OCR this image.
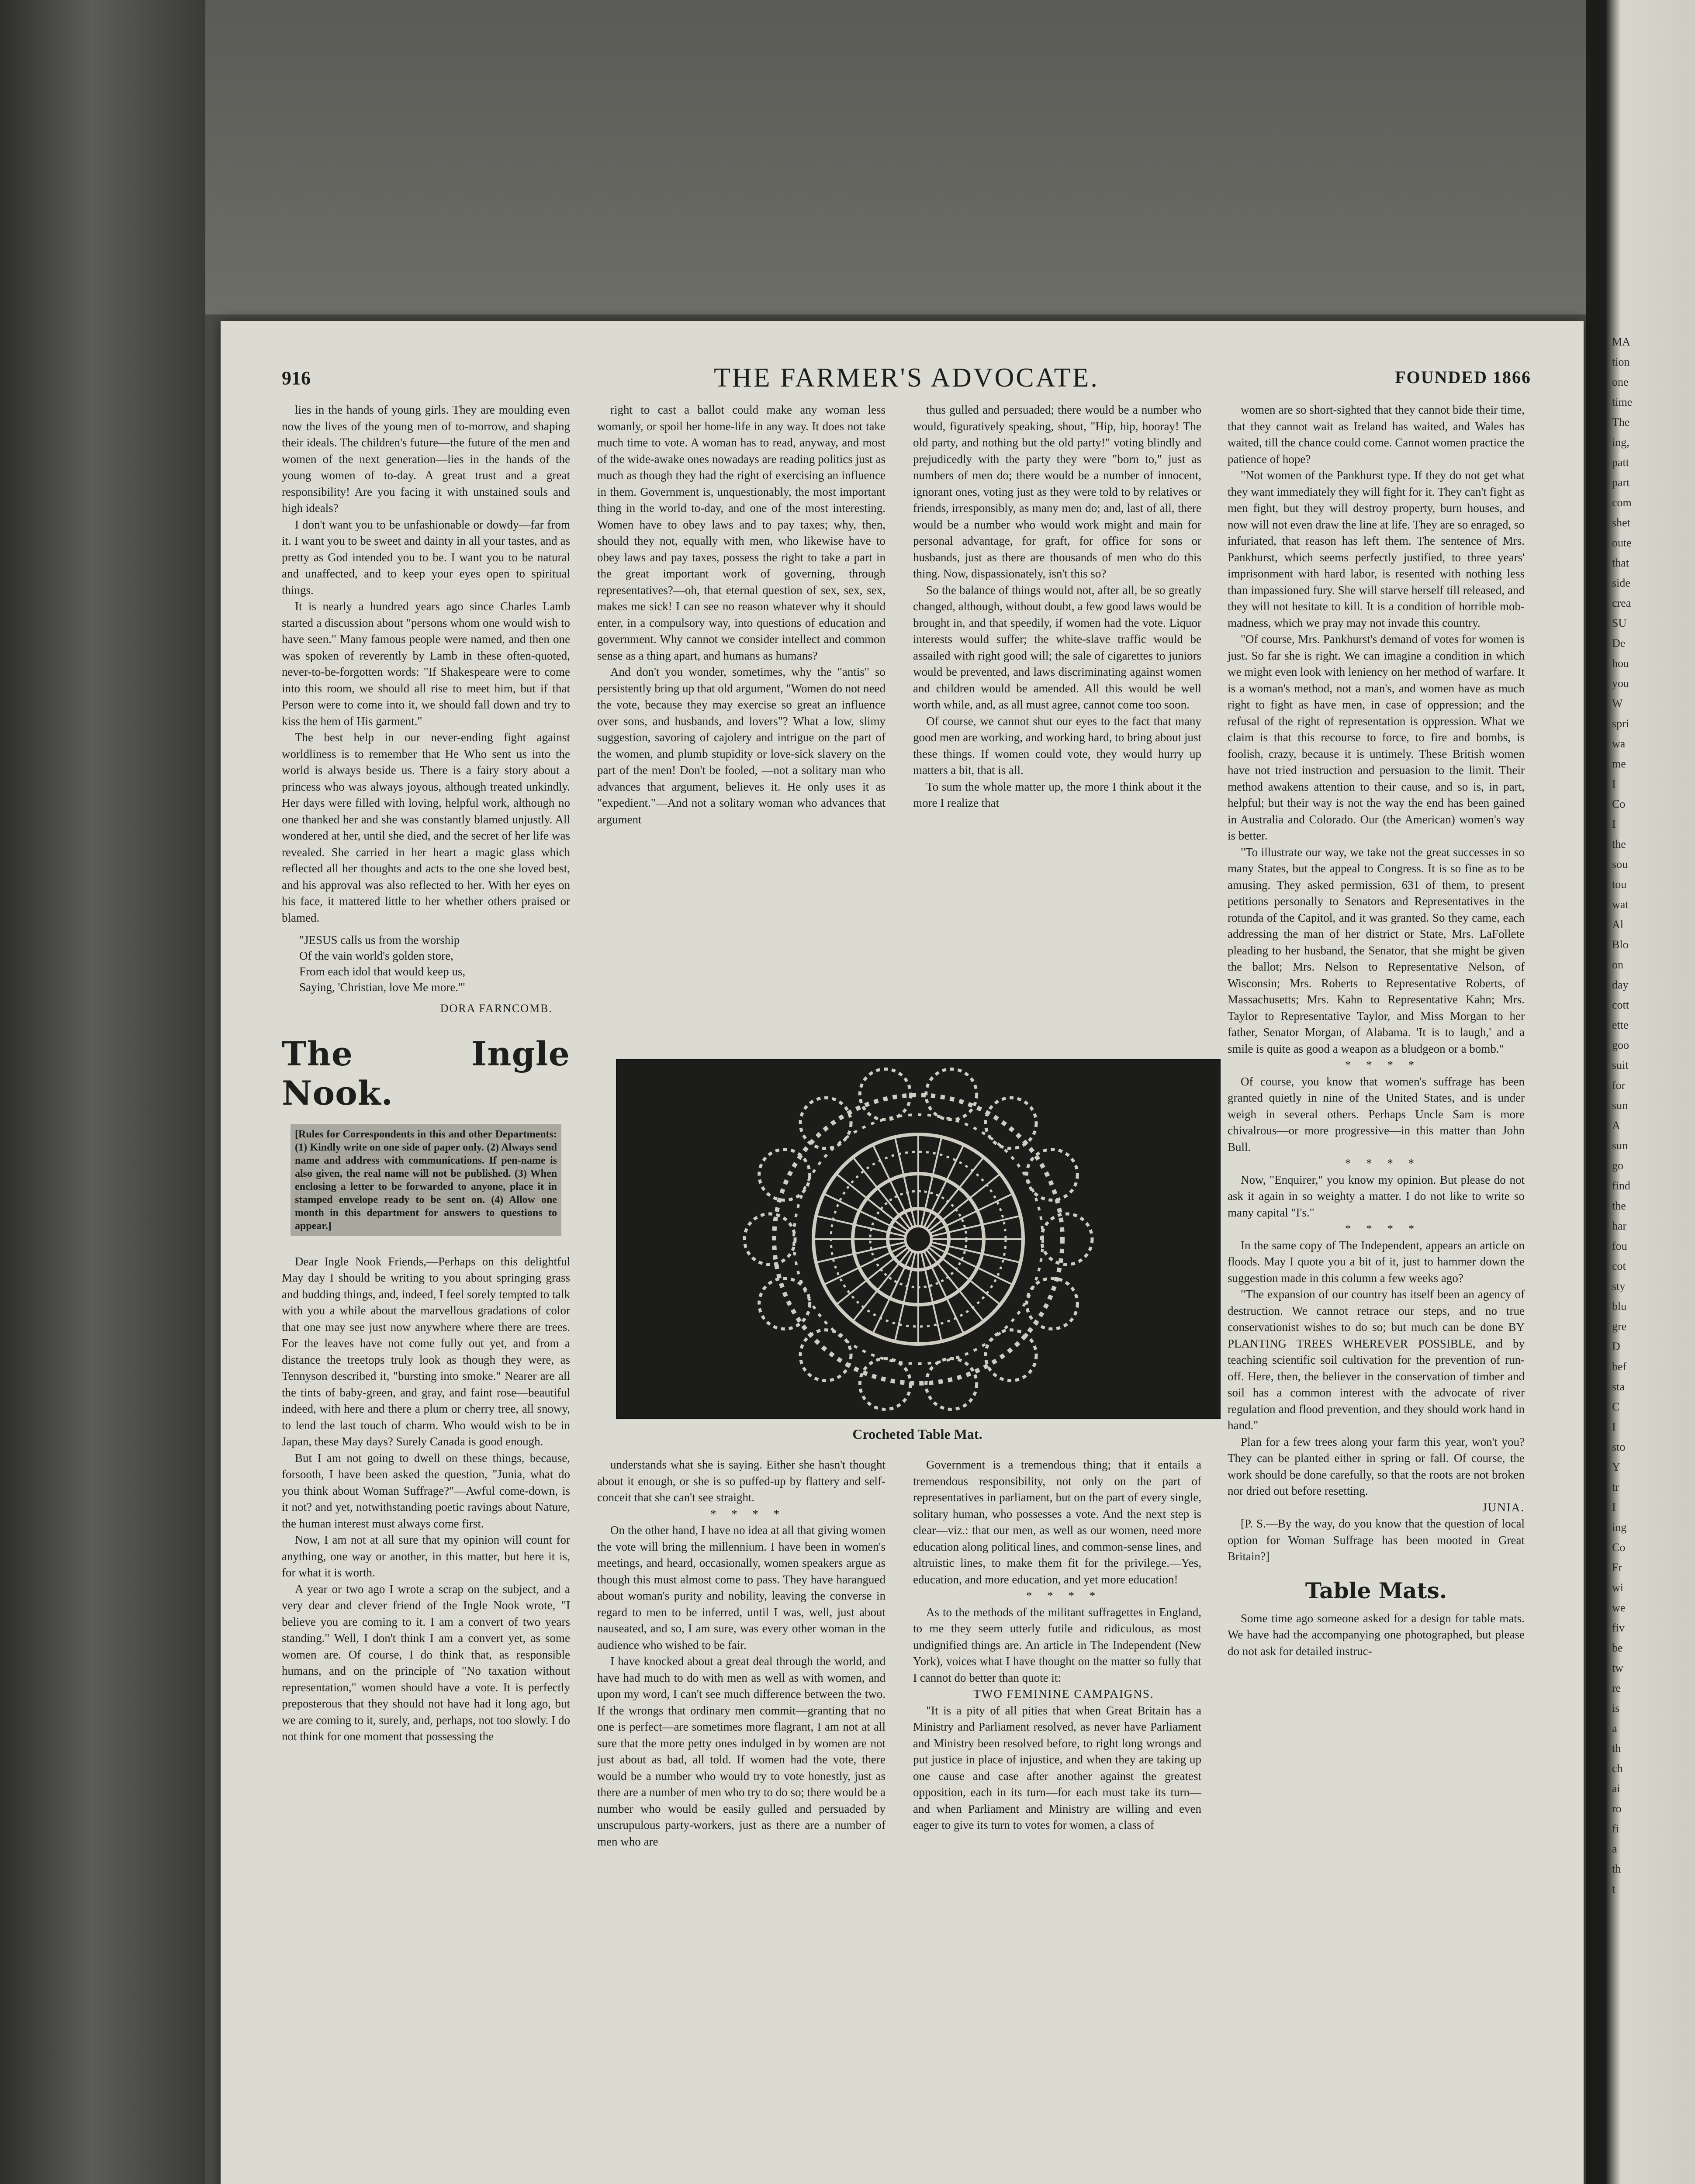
MA
tion
one
time
The
ing,
patt
part
com
shet
oute
that
side
crea
SU
De
hou
you
W
spri
wa
me
I
Co
I
the
sou
tou
wat
Al
Blo
on
day
cott
ette
goo
suit
for
sun
A
sun
go
find
the
har
fou
cot
sty
blu
gre
D
bef
sta
C
I
sto
Y
tr
I
ing
Co
Fr
wi
we
fiv
be
tw
re
is
a
th
ch
ai
ro
fi
a
th
t
916	THE FARMER'S ADVOCATE.	FOUNDED 1866

lies in the hands of young girls. They are moulding even now the lives of the young men of to-morrow, and shaping their ideals. The children's future—the future of the men and women of the next generation—lies in the hands of the young women of to-day. A great trust and a great responsibility! Are you facing it with unstained souls and high ideals?

I don't want you to be unfashionable or dowdy—far from it. I want you to be sweet and dainty in all your tastes, and as pretty as God intended you to be. I want you to be natural and unaffected, and to keep your eyes open to spiritual things.

It is nearly a hundred years ago since Charles Lamb started a discussion about "persons whom one would wish to have seen." Many famous people were named, and then one was spoken of reverently by Lamb in these often-quoted, never-to-be-forgotten words: "If Shakespeare were to come into this room, we should all rise to meet him, but if that Person were to come into it, we should fall down and try to kiss the hem of His garment."

The best help in our never-ending fight against worldliness is to remember that He Who sent us into the world is always beside us. There is a fairy story about a princess who was always joyous, although treated unkindly. Her days were filled with loving, helpful work, although no one thanked her and she was constantly blamed unjustly. All wondered at her, until she died, and the secret of her life was revealed. She carried in her heart a magic glass which reflected all her thoughts and acts to the one she loved best, and his approval was also reflected to her. With her eyes on his face, it mattered little to her whether others praised or blamed.

"JESUS calls us from the worship
Of the vain world's golden store,
From each idol that would keep us,
Saying, 'Christian, love Me more.'"
DORA FARNCOMB.
The Ingle Nook.
[Rules for Correspondents in this and other Departments: (1) Kindly write on one side of paper only. (2) Always send name and address with communications. If pen-name is also given, the real name will not be published. (3) When enclosing a letter to be forwarded to anyone, place it in stamped envelope ready to be sent on. (4) Allow one month in this department for answers to questions to appear.]

Dear Ingle Nook Friends,—Perhaps on this delightful May day I should be writing to you about springing grass and budding things, and, indeed, I feel sorely tempted to talk with you a while about the marvellous gradations of color that one may see just now anywhere where there are trees. For the leaves have not come fully out yet, and from a distance the treetops truly look as though they were, as Tennyson described it, "bursting into smoke." Nearer are all the tints of baby-green, and gray, and faint rose—beautiful indeed, with here and there a plum or cherry tree, all snowy, to lend the last touch of charm. Who would wish to be in Japan, these May days? Surely Canada is good enough.

But I am not going to dwell on these things, because, forsooth, I have been asked the question, "Junia, what do you think about Woman Suffrage?"—Awful come-down, is it not? and yet, notwithstanding poetic ravings about Nature, the human interest must always come first.

Now, I am not at all sure that my opinion will count for anything, one way or another, in this matter, but here it is, for what it is worth.

A year or two ago I wrote a scrap on the subject, and a very dear and clever friend of the Ingle Nook wrote, "I believe you are coming to it. I am a convert of two years standing." Well, I don't think I am a convert yet, as some women are. Of course, I do think that, as responsible humans, and on the principle of "No taxation without representation," women should have a vote. It is perfectly preposterous that they should not have had it long ago, but we are coming to it, surely, and, perhaps, not too slowly. I do not think for one moment that possessing the

right to cast a ballot could make any woman less womanly, or spoil her home-life in any way. It does not take much time to vote. A woman has to read, anyway, and most of the wide-awake ones nowadays are reading politics just as much as though they had the right of exercising an influence in them. Government is, unquestionably, the most important thing in the world to-day, and one of the most interesting. Women have to obey laws and to pay taxes; why, then, should they not, equally with men, who likewise have to obey laws and pay taxes, possess the right to take a part in the great important work of governing, through representatives?—oh, that eternal question of sex, sex, sex, makes me sick! I can see no reason whatever why it should enter, in a compulsory way, into questions of education and government. Why cannot we consider intellect and common sense as a thing apart, and humans as humans?

And don't you wonder, sometimes, why the "antis" so persistently bring up that old argument, "Women do not need the vote, because they may exercise so great an influence over sons, and husbands, and lovers"? What a low, slimy suggestion, savoring of cajolery and intrigue on the part of the women, and plumb stupidity or love-sick slavery on the part of the men! Don't be fooled, —not a solitary man who advances that argument, believes it. He only uses it as "expedient."—And not a solitary woman who advances that argument

thus gulled and persuaded; there would be a number who would, figuratively speaking, shout, "Hip, hip, hooray! The old party, and nothing but the old party!" voting blindly and prejudicedly with the party they were "born to," just as numbers of men do; there would be a number of innocent, ignorant ones, voting just as they were told to by relatives or friends, irresponsibly, as many men do; and, last of all, there would be a number who would work might and main for personal advantage, for graft, for office for sons or husbands, just as there are thousands of men who do this thing. Now, dispassionately, isn't this so?

So the balance of things would not, after all, be so greatly changed, although, without doubt, a few good laws would be brought in, and that speedily, if women had the vote. Liquor interests would suffer; the white-slave traffic would be assailed with right good will; the sale of cigarettes to juniors would be prevented, and laws discriminating against women and children would be amended. All this would be well worth while, and, as all must agree, cannot come too soon.

Of course, we cannot shut our eyes to the fact that many good men are working, and working hard, to bring about just these things. If women could vote, they would hurry up matters a bit, that is all.

To sum the whole matter up, the more I think about it the more I realize that

Crocheted Table Mat.

understands what she is saying. Either she hasn't thought about it enough, or she is so puffed-up by flattery and self-conceit that she can't see straight.

* * * *

On the other hand, I have no idea at all that giving women the vote will bring the millennium. I have been in women's meetings, and heard, occasionally, women speakers argue as though this must almost come to pass. They have harangued about woman's purity and nobility, leaving the converse in regard to men to be inferred, until I was, well, just about nauseated, and so, I am sure, was every other woman in the audience who wished to be fair.

I have knocked about a great deal through the world, and have had much to do with men as well as with women, and upon my word, I can't see much difference between the two. If the wrongs that ordinary men commit—granting that no one is perfect—are sometimes more flagrant, I am not at all sure that the more petty ones indulged in by women are not just about as bad, all told. If women had the vote, there would be a number who would try to vote honestly, just as there are a number of men who try to do so; there would be a number who would be easily gulled and persuaded by unscrupulous party-workers, just as there are a number of men who are

Government is a tremendous thing; that it entails a tremendous responsibility, not only on the part of representatives in parliament, but on the part of every single, solitary human, who possesses a vote. And the next step is clear—viz.: that our men, as well as our women, need more education along political lines, and common-sense lines, and altruistic lines, to make them fit for the privilege.—Yes, education, and more education, and yet more education!

* * * *

As to the methods of the militant suffragettes in England, to me they seem utterly futile and ridiculous, as most undignified things are. An article in The Independent (New York), voices what I have thought on the matter so fully that I cannot do better than quote it:

TWO FEMININE CAMPAIGNS.

"It is a pity of all pities that when Great Britain has a Ministry and Parliament resolved, as never have Parliament and Ministry been resolved before, to right long wrongs and put justice in place of injustice, and when they are taking up one cause and case after another against the greatest opposition, each in its turn—for each must take its turn—and when Parliament and Ministry are willing and even eager to give its turn to votes for women, a class of

women are so short-sighted that they cannot bide their time, that they cannot wait as Ireland has waited, and Wales has waited, till the chance could come. Cannot women practice the patience of hope?

"Not women of the Pankhurst type. If they do not get what they want immediately they will fight for it. They can't fight as men fight, but they will destroy property, burn houses, and now will not even draw the line at life. They are so enraged, so infuriated, that reason has left them. The sentence of Mrs. Pankhurst, which seems perfectly justified, to three years' imprisonment with hard labor, is resented with nothing less than impassioned fury. She will starve herself till released, and they will not hesitate to kill. It is a condition of horrible mob-madness, which we pray may not invade this country.

"Of course, Mrs. Pankhurst's demand of votes for women is just. So far she is right. We can imagine a condition in which we might even look with leniency on her method of warfare. It is a woman's method, not a man's, and women have as much right to fight as have men, in case of oppression; and the refusal of the right of representation is oppression. What we claim is that this recourse to force, to fire and bombs, is foolish, crazy, because it is untimely. These British women have not tried instruction and persuasion to the limit. Their method awakens attention to their cause, and so is, in part, helpful; but their way is not the way the end has been gained in Australia and Colorado. Our (the American) women's way is better.

"To illustrate our way, we take not the great successes in so many States, but the appeal to Congress. It is so fine as to be amusing. They asked permission, 631 of them, to present petitions personally to Senators and Representatives in the rotunda of the Capitol, and it was granted. So they came, each addressing the man of her district or State, Mrs. LaFollete pleading to her husband, the Senator, that she might be given the ballot; Mrs. Nelson to Representative Nelson, of Wisconsin; Mrs. Roberts to Representative Roberts, of Massachusetts; Mrs. Kahn to Representative Kahn; Mrs. Taylor to Representative Taylor, and Miss Morgan to her father, Senator Morgan, of Alabama. 'It is to laugh,' and a smile is quite as good a weapon as a bludgeon or a bomb."

* * * *

Of course, you know that women's suffrage has been granted quietly in nine of the United States, and is under weigh in several others. Perhaps Uncle Sam is more chivalrous—or more progressive—in this matter than John Bull.

* * * *

Now, "Enquirer," you know my opinion. But please do not ask it again in so weighty a matter. I do not like to write so many capital "I's."

* * * *

In the same copy of The Independent, appears an article on floods. May I quote you a bit of it, just to hammer down the suggestion made in this column a few weeks ago?

"The expansion of our country has itself been an agency of destruction. We cannot retrace our steps, and no true conservationist wishes to do so; but much can be done BY PLANTING TREES WHEREVER POSSIBLE, and by teaching scientific soil cultivation for the prevention of run-off. Here, then, the believer in the conservation of timber and soil has a common interest with the advocate of river regulation and flood prevention, and they should work hand in hand."

Plan for a few trees along your farm this year, won't you? They can be planted either in spring or fall. Of course, the work should be done carefully, so that the roots are not broken nor dried out before resetting.

JUNIA.

[P. S.—By the way, do you know that the question of local option for Woman Suffrage has been mooted in Great Britain?]

Table Mats.

Some time ago someone asked for a design for table mats. We have had the accompanying one photographed, but please do not ask for detailed instruc-
